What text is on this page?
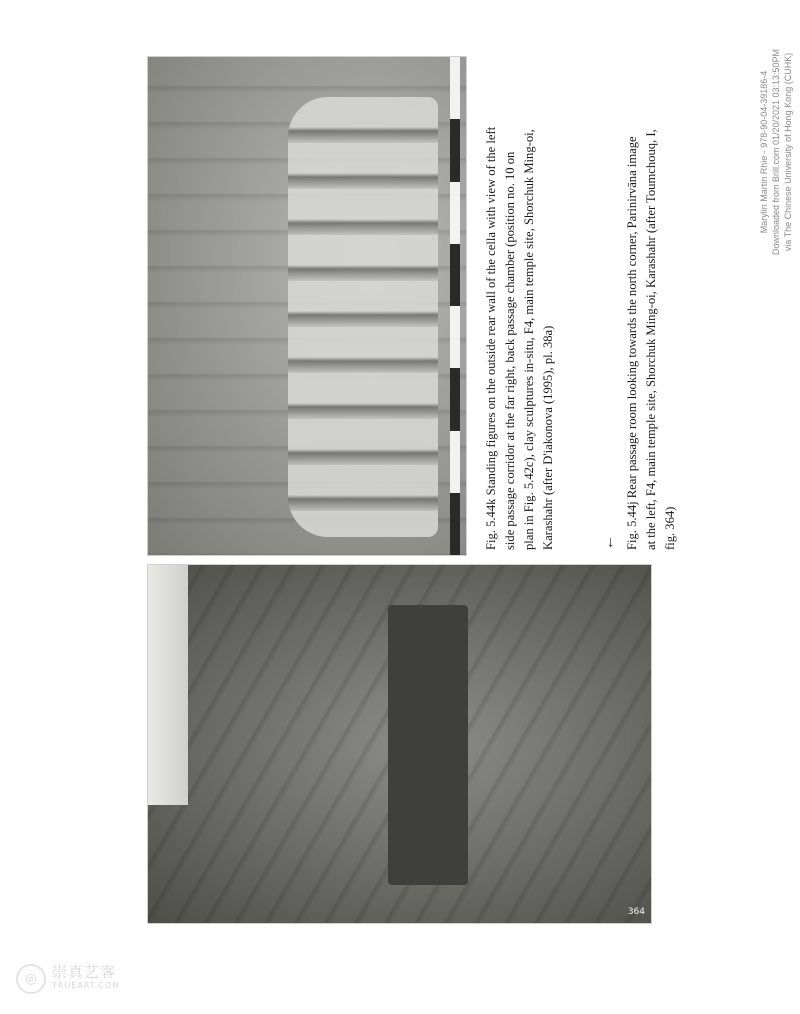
364

Fig. 5.44k Standing figures on the outside rear wall of the cella with view of the left side passage corridor at the far right, back passage chamber (position no. 10 on plan in Fig. 5.42c), clay sculptures in-situ, F4, main temple site, Shorchuk Ming-oi, Karashahr (after D'iakonova (1995), pl. 38a)	← Fig. 5.44j Rear passage room looking towards the north corner, Parinirvāna image at the left, F4, main temple site, Shorchuk Ming-oi, Karashahr (after Toumchouq, I, fig. 364)

Marylin Martin Rhie - 978-90-04-39186-4 Downloaded from Brill.com 01/20/2021 03:13:50PM via The Chinese University of Hong Kong (CUHK)

◎ 崇真艺客
TRUEART.COM
